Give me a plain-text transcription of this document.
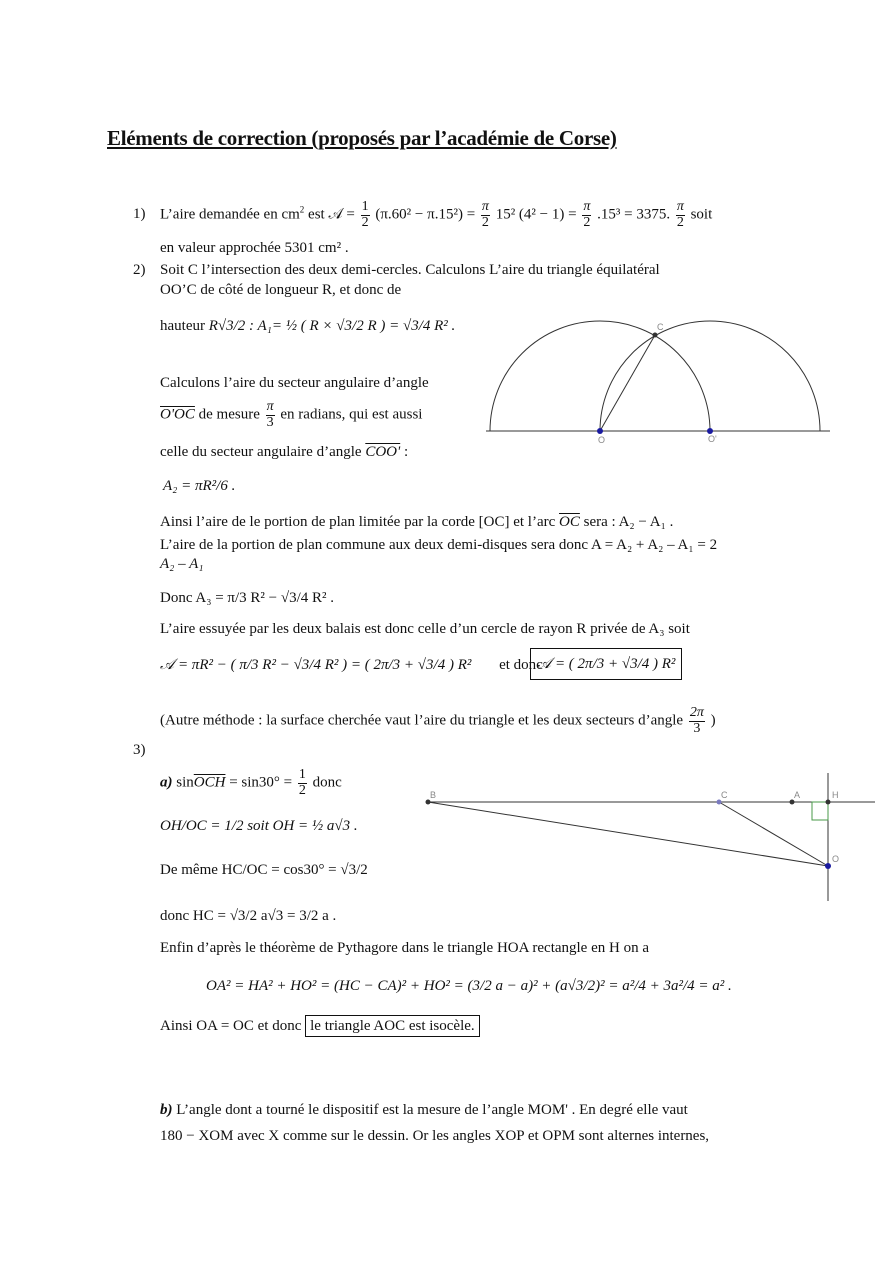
Eléments de correction (proposés par l’académie de Corse)
1) L’aire demandée en $cm^2$ est 𝒜 = $\frac{1}{2} (\pi.60^2 - \pi.15^2) = \frac{\pi}{2} 15^2$ $(4^2 - 1) = \frac{\pi}{2} .15^3 = 3375$. $\frac{\pi}{2}$ soit
en valeur approchée 5301 cm² .
2) Soit C l’intersection des deux demi-cercles. Calculons L’aire du triangle équilatéral
OO’C de côté de longueur R, et donc de
hauteur R√3/2 : A₁= ½ ( R × √3/2 R ) = √3/4 R² .
Calculons l’aire du secteur angulaire d’angle
O'OC de mesure $\frac{\pi}{3}$ en radians, qui est aussi
celle du secteur angulaire d’angle COO' :
A₂ = πR²/6 .
Ainsi l’aire de le portion de plan limitée par la corde [OC] et l’arc $\overline{OC}$ sera : A₂ − A₁ .
L’aire de la portion de plan commune aux deux demi-disques sera donc A = A₂ + A₂ – A₁ = 2
A₂ – A₁
Donc A₃ = π/3 R² − √3/4 R² .
L’aire essuyée par les deux balais est donc celle d’un cercle de rayon R privée de A₃ soit
𝒜 = πR² − ( π/3 R² − √3/4 R² ) = ( 2π/3 + √3/4 ) R² et donc
𝒜 = ( 2π/3 + √3/4 ) R²
(Autre méthode : la surface cherchée vaut l’aire du triangle et les deux secteurs d’angle $\frac{2\pi}{3}$ )
C
O	O'
3)
a) $\sin\overline{OCH} = \sin 30^\circ = \frac{1}{2}$ donc
OH/OC = 1/2 soit OH = ½ a√3 .
De même HC/OC = cos30° = √3/2
donc HC = √3/2 a√3 = 3/2 a .
Enfin d’après le théorème de Pythagore dans le triangle HOA rectangle en H on a
OA² = HA² + HO² = (HC − CA)² + HO² = (3/2 a − a)² + (a√3/2)² = a²/4 + 3a²/4 = a² .
Ainsi OA = OC et donc le triangle AOC est isocèle.
B	C	A	H
O
b) L’angle dont a tourné le dispositif est la mesure de l’angle MOM' . En degré elle vaut
180 − XOM avec X comme sur le dessin. Or les angles XOP et OPM sont alternes internes,
